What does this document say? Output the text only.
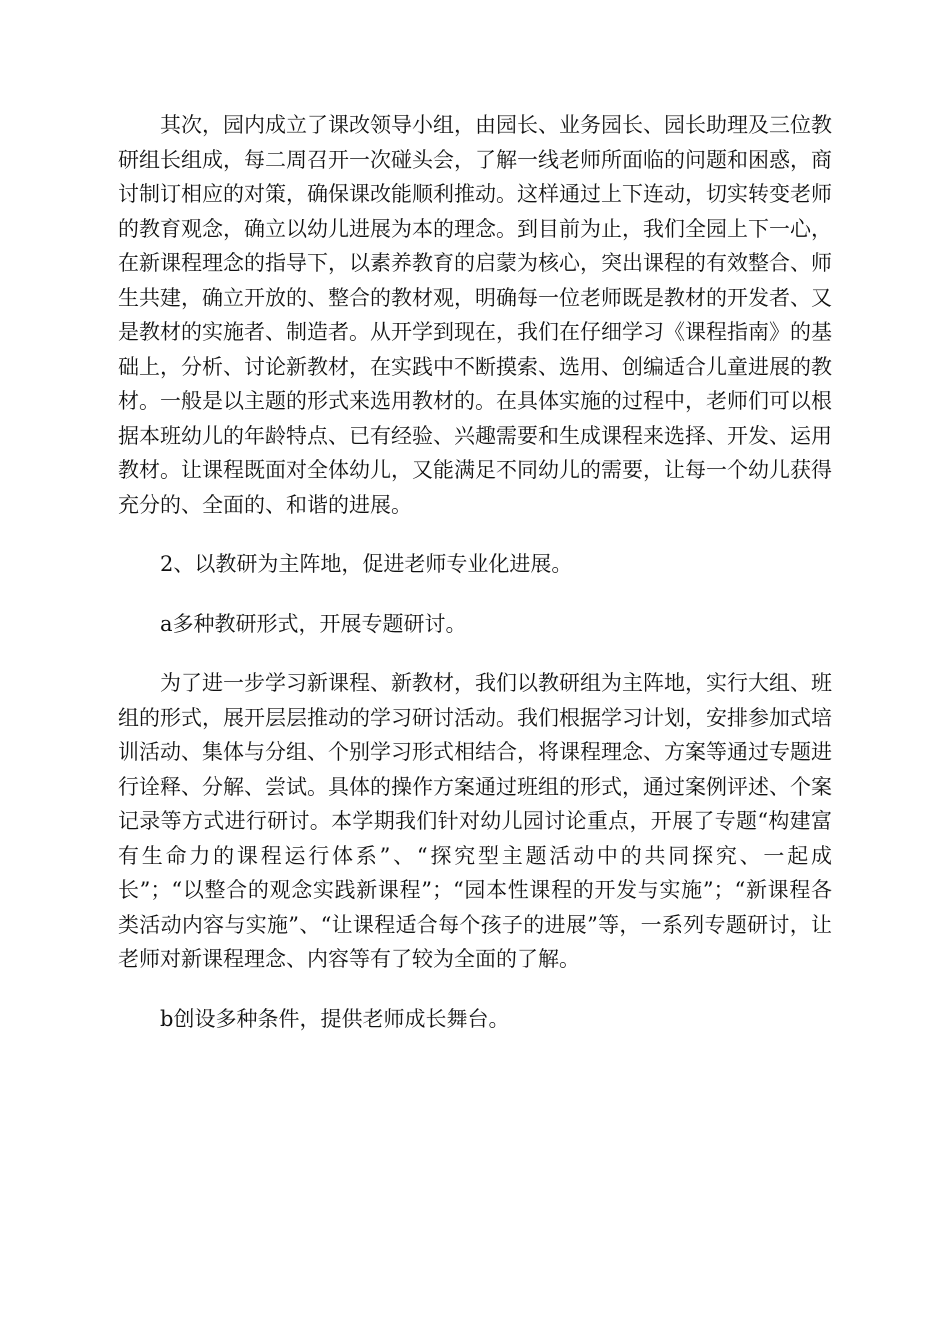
其次，园内成立了课改领导小组，由园长、业务园长、园长助理及三位教研组长组成，每二周召开一次碰头会，了解一线老师所面临的问题和困惑，商讨制订相应的对策，确保课改能顺利推动。这样通过上下连动，切实转变老师的教育观念，确立以幼儿进展为本的理念。到目前为止，我们全园上下一心，在新课程理念的指导下，以素养教育的启蒙为核心，突出课程的有效整合、师生共建，确立开放的、整合的教材观，明确每一位老师既是教材的开发者、又是教材的实施者、制造者。从开学到现在，我们在仔细学习《课程指南》的基础上，分析、讨论新教材，在实践中不断摸索、选用、创编适合儿童进展的教材。一般是以主题的形式来选用教材的。在具体实施的过程中，老师们可以根据本班幼儿的年龄特点、已有经验、兴趣需要和生成课程来选择、开发、运用教材。让课程既面对全体幼儿，又能满足不同幼儿的需要，让每一个幼儿获得充分的、全面的、和谐的进展。

2、以教研为主阵地，促进老师专业化进展。

a多种教研形式，开展专题研讨。

为了进一步学习新课程、新教材，我们以教研组为主阵地，实行大组、班组的形式，展开层层推动的学习研讨活动。我们根据学习计划，安排参加式培训活动、集体与分组、个别学习形式相结合，将课程理念、方案等通过专题进行诠释、分解、尝试。具体的操作方案通过班组的形式，通过案例评述、个案记录等方式进行研讨。本学期我们针对幼儿园讨论重点，开展了专题“构建富有生命力的课程运行体系”、“探究型主题活动中的共同探究、一起成长”；“以整合的观念实践新课程”；“园本性课程的开发与实施”；“新课程各类活动内容与实施”、“让课程适合每个孩子的进展”等，一系列专题研讨，让老师对新课程理念、内容等有了较为全面的了解。

b创设多种条件，提供老师成长舞台。
